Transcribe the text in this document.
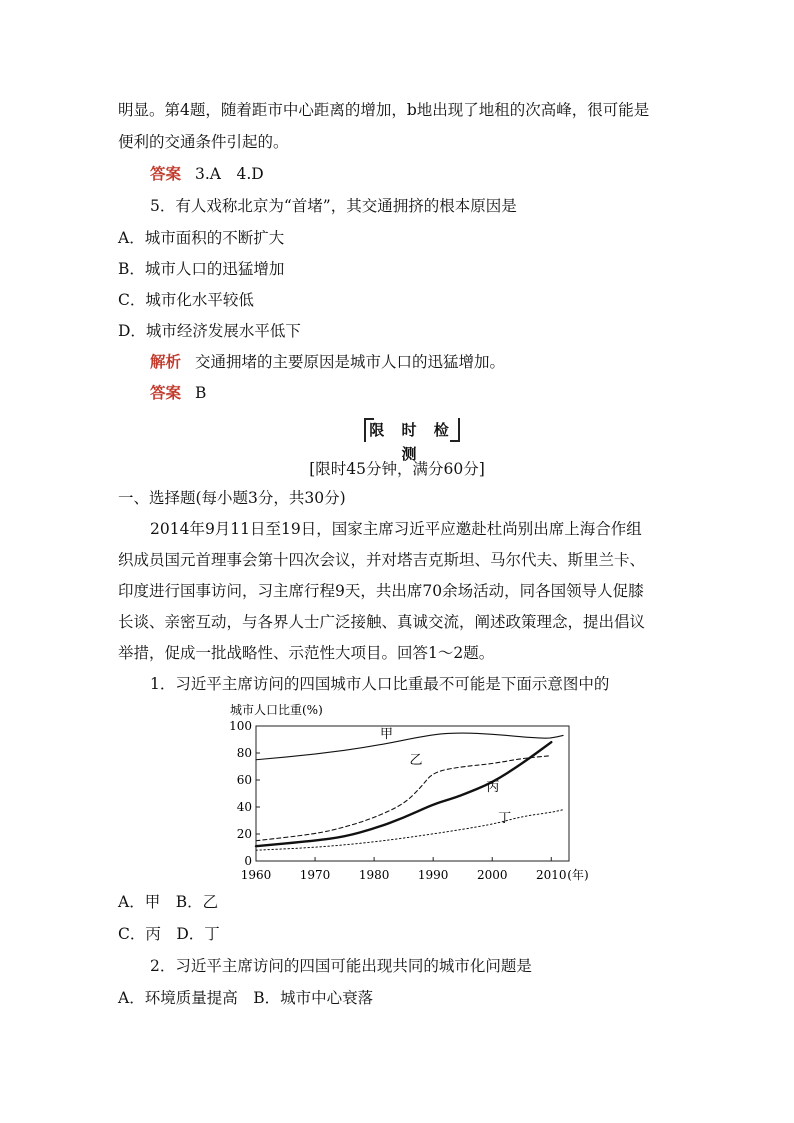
明显。第4题，随着距市中心距离的增加，b地出现了地租的次高峰，很可能是
便利的交通条件引起的。
答案 3.A　4.D
5．有人戏称北京为“首堵”，其交通拥挤的根本原因是
A．城市面积的不断扩大
B．城市人口的迅猛增加
C．城市化水平较低
D．城市经济发展水平低下
解析 交通拥堵的主要原因是城市人口的迅猛增加。
答案 B
限 时 检 测
[限时45分钟，满分60分]
一、选择题(每小题3分，共30分)
2014年9月11日至19日，国家主席习近平应邀赴杜尚别出席上海合作组
织成员国元首理事会第十四次会议，并对塔吉克斯坦、马尔代夫、斯里兰卡、
印度进行国事访问，习主席行程9天，共出席70余场活动，同各国领导人促膝
长谈、亲密互动，与各界人士广泛接触、真诚交流，阐述政策理念，提出倡议
举措，促成一批战略性、示范性大项目。回答1～2题。
1．习近平主席访问的四国城市人口比重最不可能是下面示意图中的
城市人口比重(%)
0
20
40
60
80
100
1960 1970 1980 1990 2000 2010
甲
乙
丙
丁
(年)
A．甲　B．乙
C．丙　D．丁
2．习近平主席访问的四国可能出现共同的城市化问题是
A．环境质量提高　B．城市中心衰落
